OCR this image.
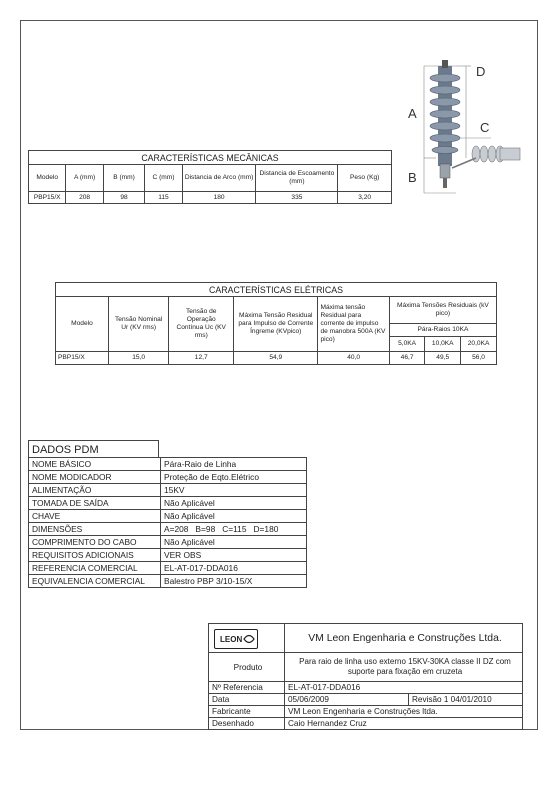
D
A
C
B
CARACTERÍSTICAS MECÂNICAS						
Modelo	A (mm)	B (mm)	C (mm)	Distancia de Arco (mm)	Distancia de Escoamento (mm)	Peso (Kg)
PBP15/X	208	98	115	180	335	3,20
CARACTERÍSTICAS ELÉTRICAS							
Modelo	Tensão Nominal Ur (KV rms)	Tensão de Operação Contínua Uc (KV rms)	Máxima Tensão Residual para Impulso de Corrente Íngreme (KVpico)	Máxima tensão Residual para corrente de impulso de manobra 500A (KV pico)	Máxima Tensões Residuais (kV pico)		
					Pára-Raios 10KA		
					5,0KA	10,0KA	20,0KA
PBP15/X	15,0	12,7	54,9	40,0	46,7	49,5	56,0
DADOS PDM
NOME BÁSICO	Pára-Raio de Linha
NOME MODICADOR	Proteção de Eqto.Elétrico
ALIMENTAÇÃO	15KV
TOMADA DE SAÍDA	Não Aplicável
CHAVE	Não Aplicável
DIMENSÕES	A=208   B=98   C=115   D=180
COMPRIMENTO DO CABO	Não Aplicável
REQUISITOS ADICIONAIS	VER OBS
REFERENCIA COMERCIAL	EL-AT-017-DDA016
EQUIVALENCIA COMERCIAL	Balestro PBP 3/10-15/X
LEON	VM Leon Engenharia e Construções Ltda.	
Produto	Para raio de linha uso externo 15KV-30KA classe II DZ com suporte para fixação em cruzeta	
Nº Referencia	EL-AT-017-DDA016	
Data	05/06/2009	Revisão 1 04/01/2010
Fabricante	VM Leon Engenharia e Construções ltda.	
Desenhado	Caio Hernandez Cruz	
